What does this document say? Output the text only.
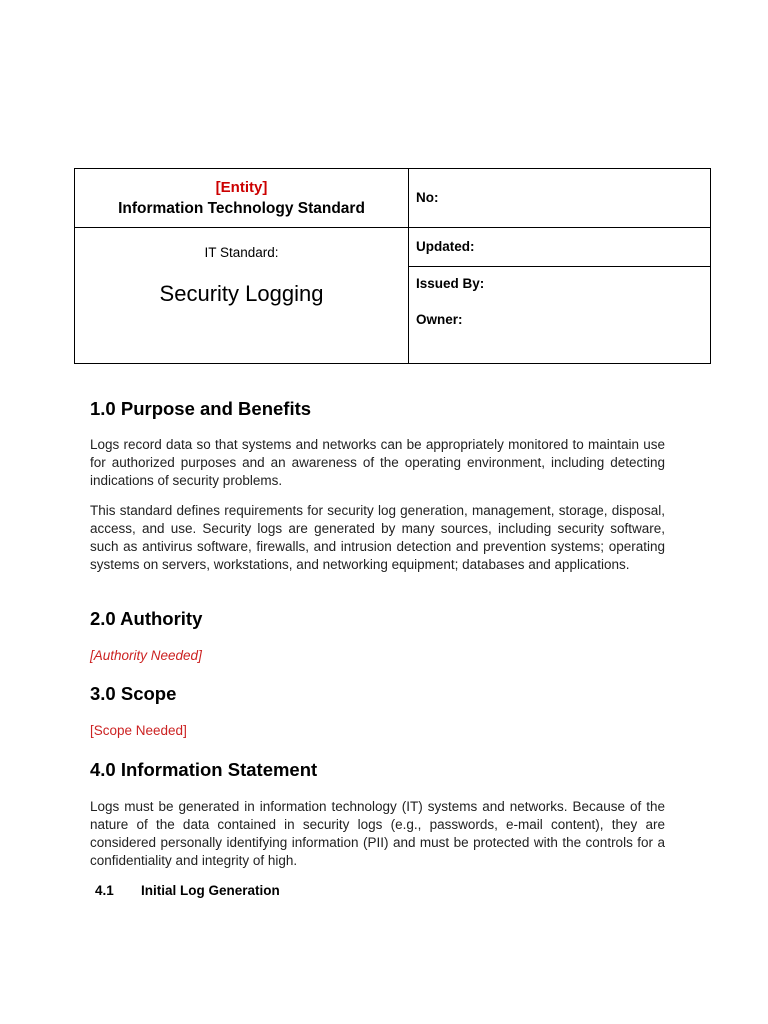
[Entity]
Information Technology Standard
IT Standard:
Security Logging
No:
Updated:
Issued By:
Owner:
1.0 Purpose and Benefits
Logs record data so that systems and networks can be appropriately monitored to maintain use for authorized purposes and an awareness of the operating environment, including detecting indications of security problems.
This standard defines requirements for security log generation, management, storage, disposal, access, and use. Security logs are generated by many sources, including security software, such as antivirus software, firewalls, and intrusion detection and prevention systems; operating systems on servers, workstations, and networking equipment; databases and applications.
2.0 Authority
[Authority Needed]
3.0 Scope
[Scope Needed]
4.0 Information Statement
Logs must be generated in information technology (IT) systems and networks. Because of the nature of the data contained in security logs (e.g., passwords, e-mail content), they are considered personally identifying information (PII) and must be protected with the controls for a confidentiality and integrity of high.
4.1 Initial Log Generation
